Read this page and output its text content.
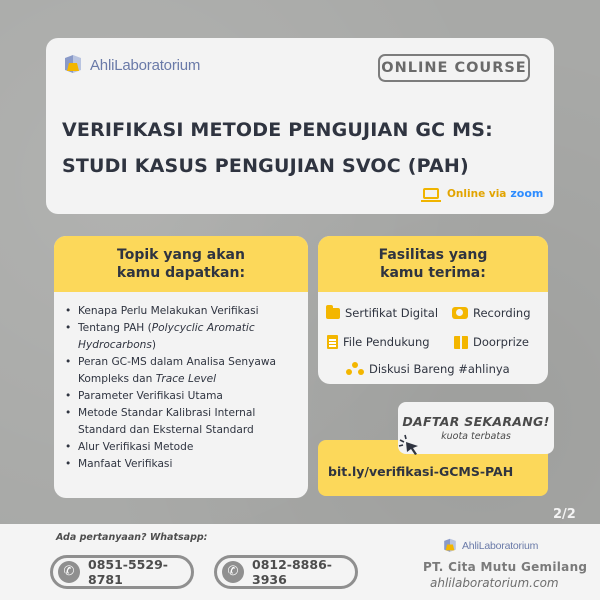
AhliLaboratorium	ONLINE COURSE
VERIFIKASI METODE PENGUJIAN GC MS:
STUDI KASUS PENGUJIAN SVOC (PAH)
Online via zoom
Topik yang akan kamu dapatkan:
• Kenapa Perlu Melakukan Verifikasi
• Tentang PAH (Polycyclic Aromatic Hydrocarbons)
• Peran GC-MS dalam Analisa Senyawa Kompleks dan Trace Level
• Parameter Verifikasi Utama
• Metode Standar Kalibrasi Internal Standard dan Eksternal Standard
• Alur Verifikasi Metode
• Manfaat Verifikasi
Fasilitas yang kamu terima:
Sertifikat Digital	Recording
File Pendukung	Doorprize
Diskusi Bareng #ahlinya
bit.ly/verifikasi-GCMS-PAH
DAFTAR SEKARANG!
kuota terbatas
2/2
Ada pertanyaan? Whatsapp:
✆
0851-5529-8781
✆
0812-8886-3936
AhliLaboratorium
PT. Cita Mutu Gemilang
ahlilaboratorium.com
